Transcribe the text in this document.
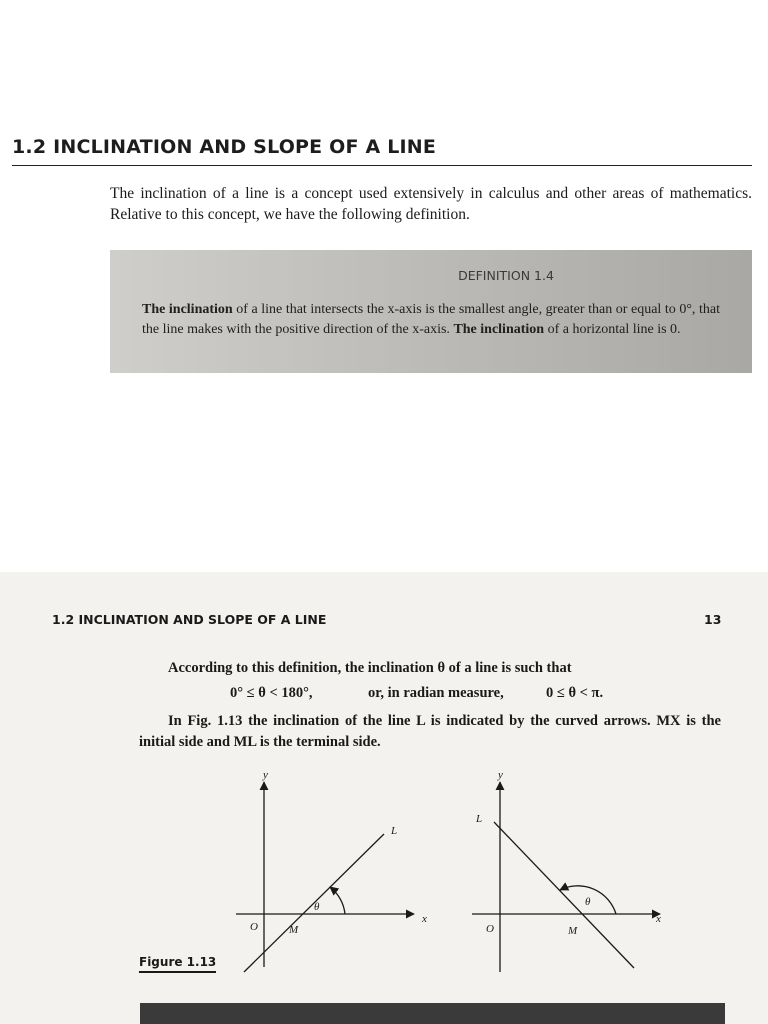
1.2 INCLINATION AND SLOPE OF A LINE
The inclination of a line is a concept used extensively in calculus and other areas of mathematics. Relative to this concept, we have the following definition.
DEFINITION 1.4
The inclination of a line that intersects the x-axis is the smallest angle, greater than or equal to 0°, that the line makes with the positive direction of the x-axis. The inclination of a horizontal line is 0.
1.2 INCLINATION AND SLOPE OF A LINE	13
According to this definition, the inclination θ of a line is such that
0° ≤ θ < 180°,	or, in radian measure,	0 ≤ θ < π.
In Fig. 1.13 the inclination of the line L is indicated by the curved arrows. MX is the initial side and ML is the terminal side.
y
x
L
O	M
θ
y
x
L
O	M
θ
Figure 1.13
